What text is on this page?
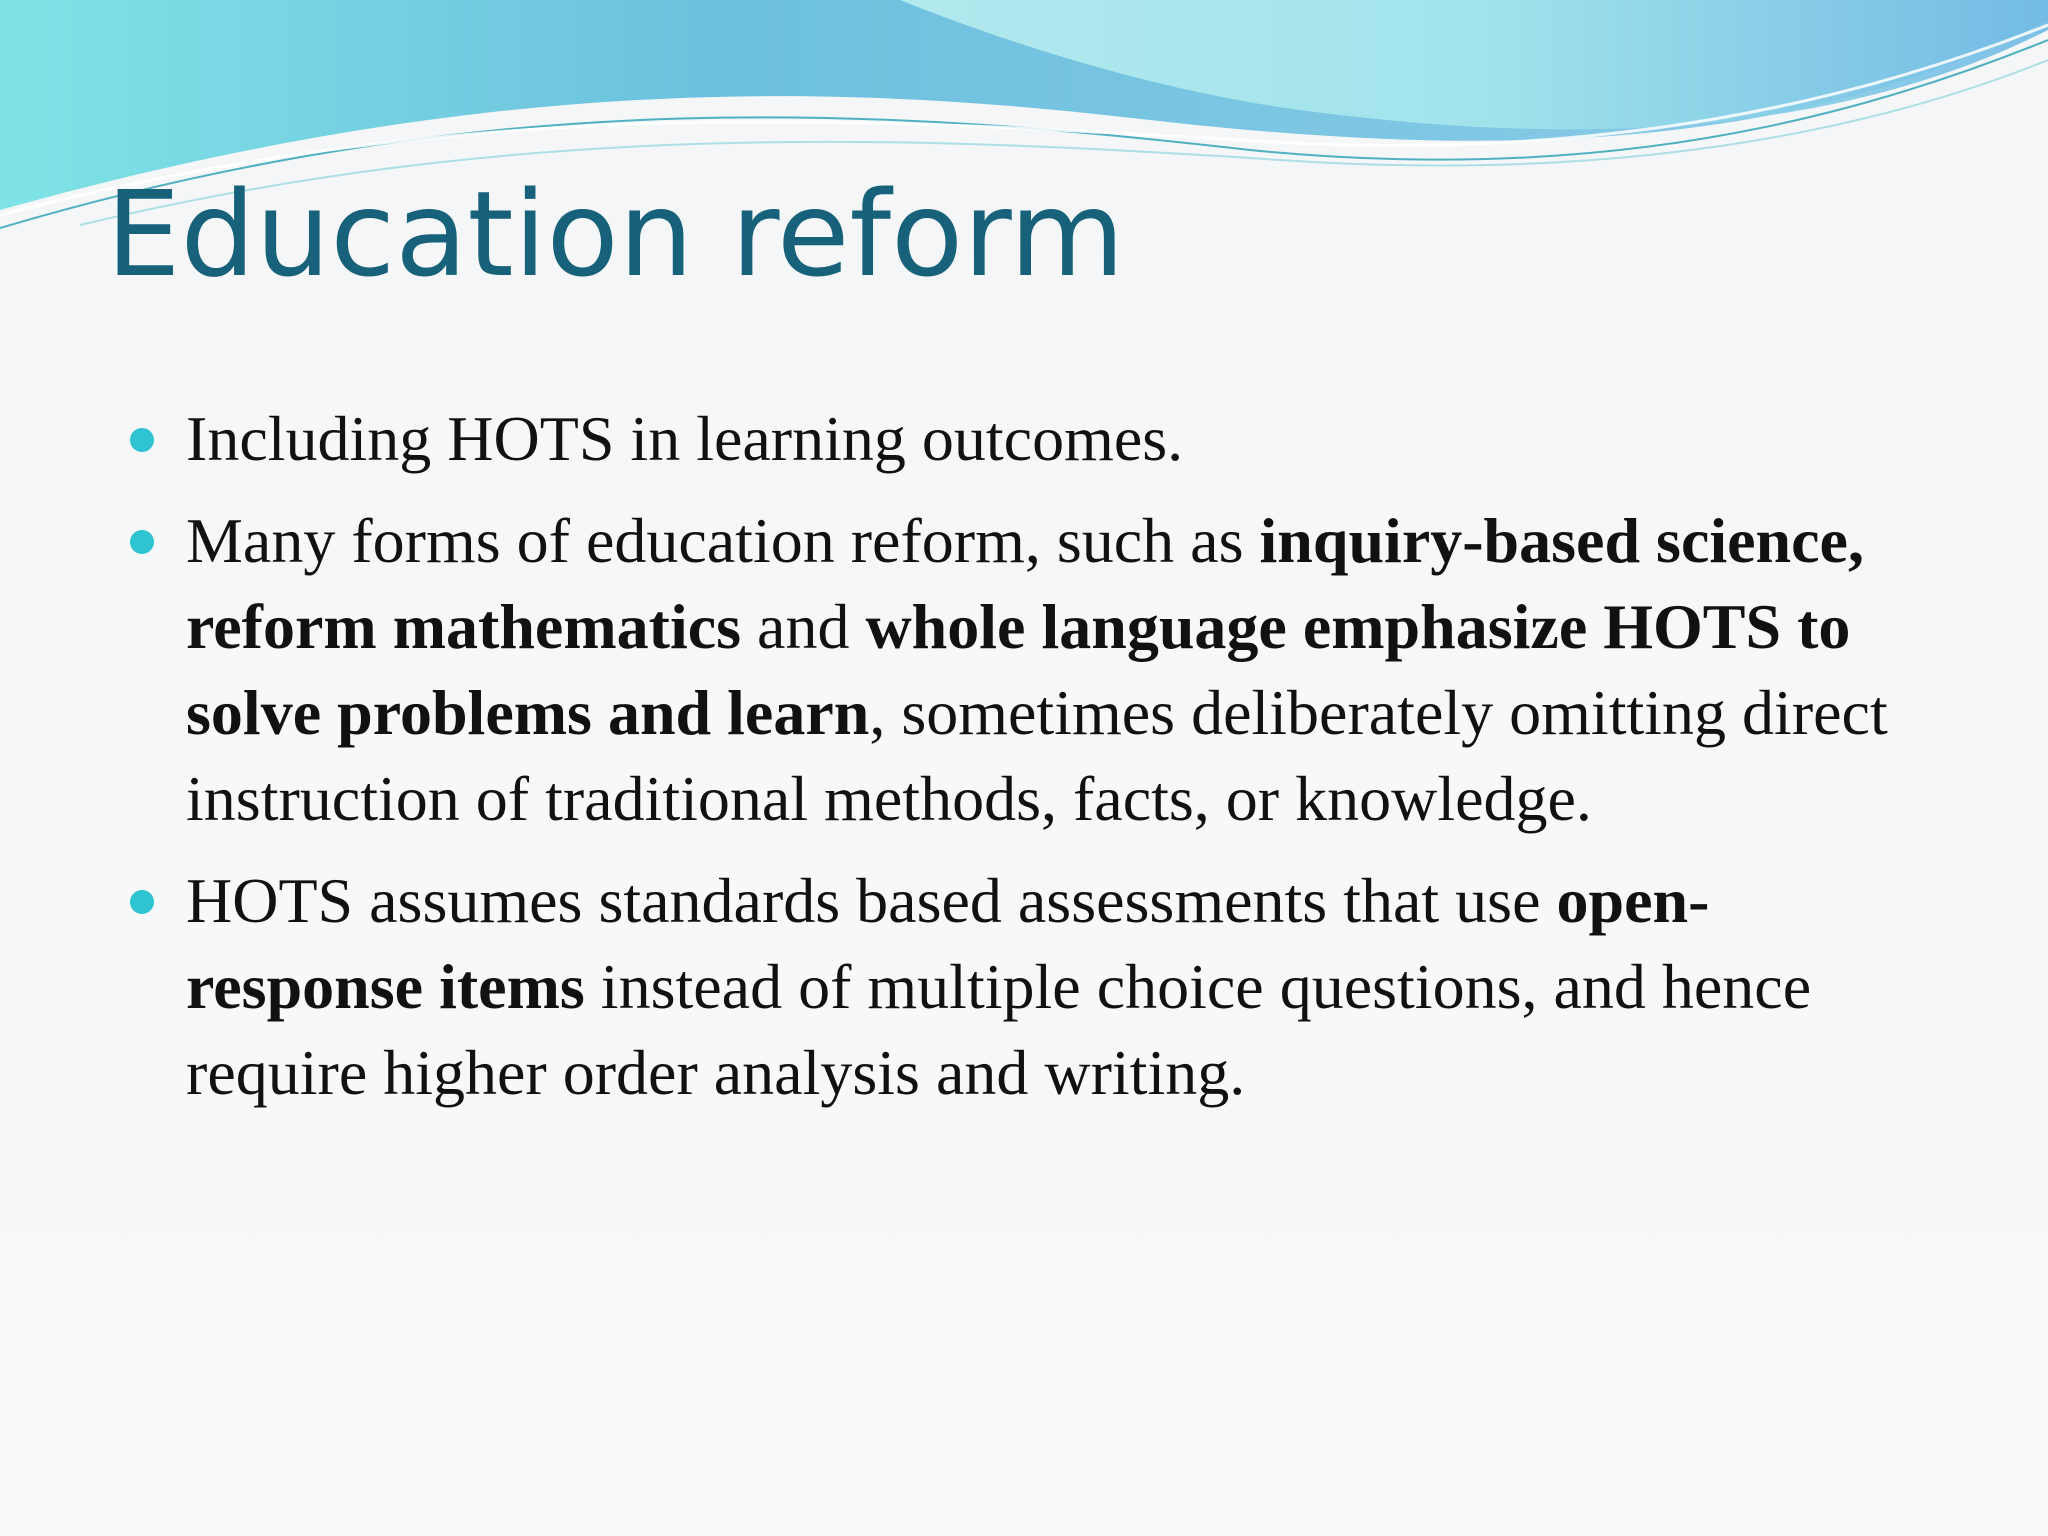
Education reform
Including HOTS in learning outcomes.
Many forms of education reform, such as inquiry-based science, reform mathematics and whole language emphasize HOTS to solve problems and learn, sometimes deliberately omitting direct instruction of traditional methods, facts, or knowledge.
HOTS assumes standards based assessments that use open-response items instead of multiple choice questions, and hence require higher order analysis and writing.
